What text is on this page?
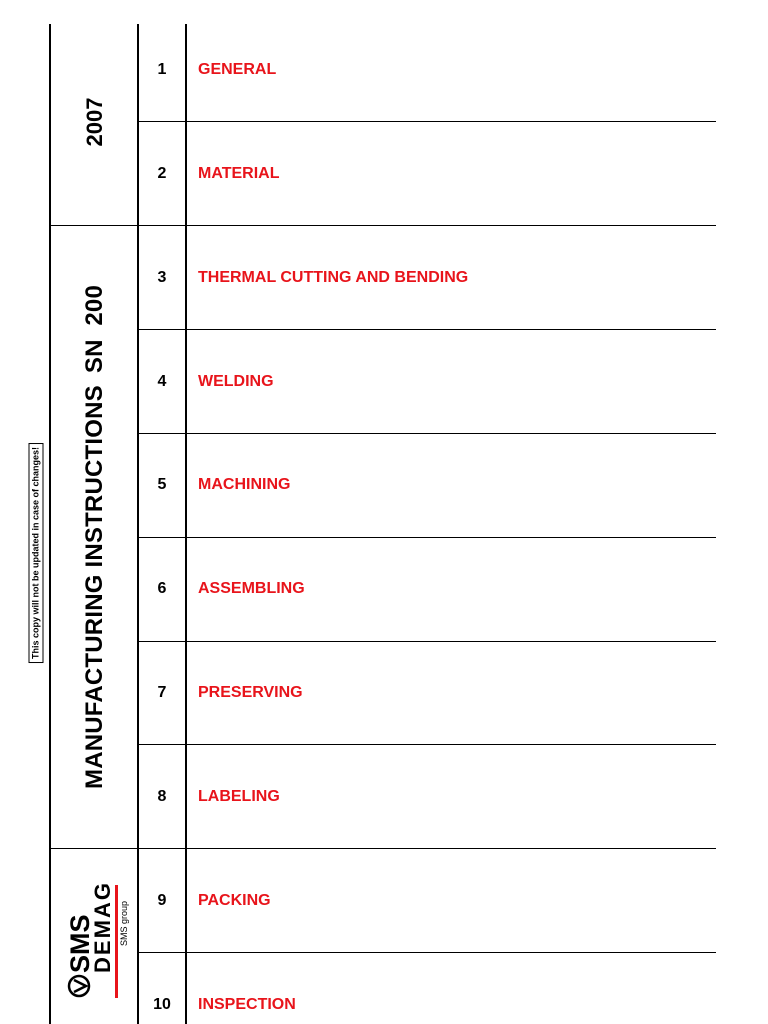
This copy will not be updated in case of changes!
2007
MANUFACTURING INSTRUCTIONSSN  200
SMS
DEMAG
SMS group
1	GENERAL
2	MATERIAL
3	THERMAL CUTTING AND BENDING
4	WELDING
5	MACHINING
6	ASSEMBLING
7	PRESERVING
8	LABELING
9	PACKING
10	INSPECTION
